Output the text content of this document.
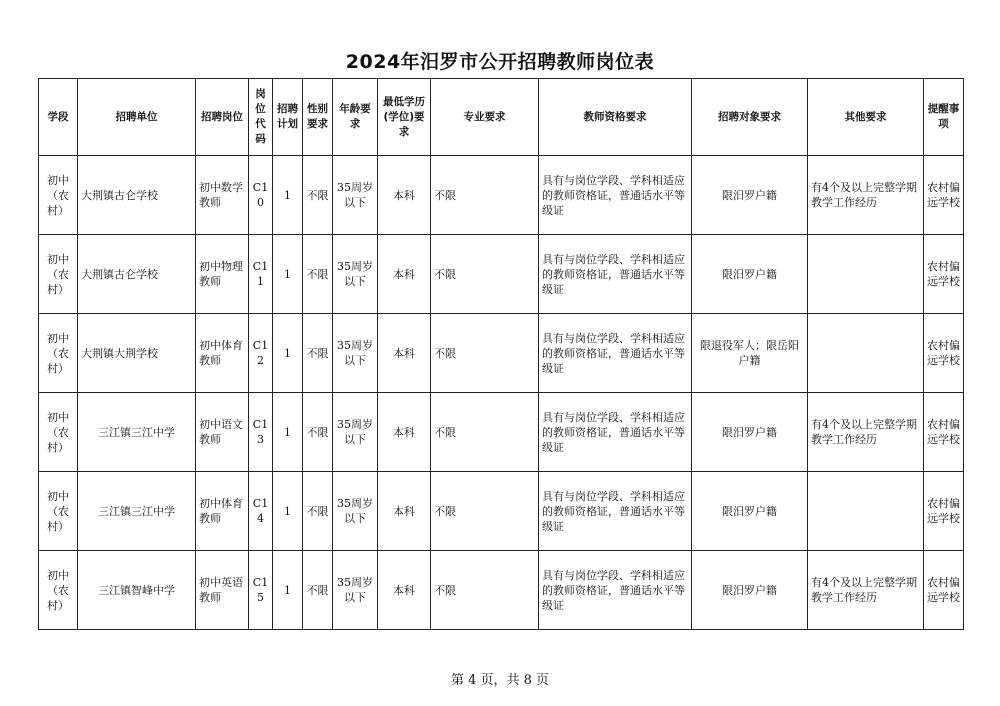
2024年汨罗市公开招聘教师岗位表
学段	招聘单位	招聘岗位	岗位代码	招聘计划	性别要求	年龄要求	最低学历(学位)要求	专业要求	教师资格要求	招聘对象要求	其他要求	提醒事项
初中（农村）	大荆镇古仑学校	初中数学教师	C10	1	不限	35周岁以下	本科	不限	具有与岗位学段、学科相适应的教师资格证，普通话水平等级证	限汨罗户籍	有4个及以上完整学期教学工作经历	农村偏远学校
初中（农村）	大荆镇古仑学校	初中物理教师	C11	1	不限	35周岁以下	本科	不限	具有与岗位学段、学科相适应的教师资格证，普通话水平等级证	限汨罗户籍		农村偏远学校
初中（农村）	大荆镇大荆学校	初中体育教师	C12	1	不限	35周岁以下	本科	不限	具有与岗位学段、学科相适应的教师资格证，普通话水平等级证	限退役军人；限岳阳户籍		农村偏远学校
初中（农村）	三江镇三江中学	初中语文教师	C13	1	不限	35周岁以下	本科	不限	具有与岗位学段、学科相适应的教师资格证，普通话水平等级证	限汨罗户籍	有4个及以上完整学期教学工作经历	农村偏远学校
初中（农村）	三江镇三江中学	初中体育教师	C14	1	不限	35周岁以下	本科	不限	具有与岗位学段、学科相适应的教师资格证，普通话水平等级证	限汨罗户籍		农村偏远学校
初中（农村）	三江镇智峰中学	初中英语教师	C15	1	不限	35周岁以下	本科	不限	具有与岗位学段、学科相适应的教师资格证，普通话水平等级证	限汨罗户籍	有4个及以上完整学期教学工作经历	农村偏远学校
第 4 页，共 8 页
